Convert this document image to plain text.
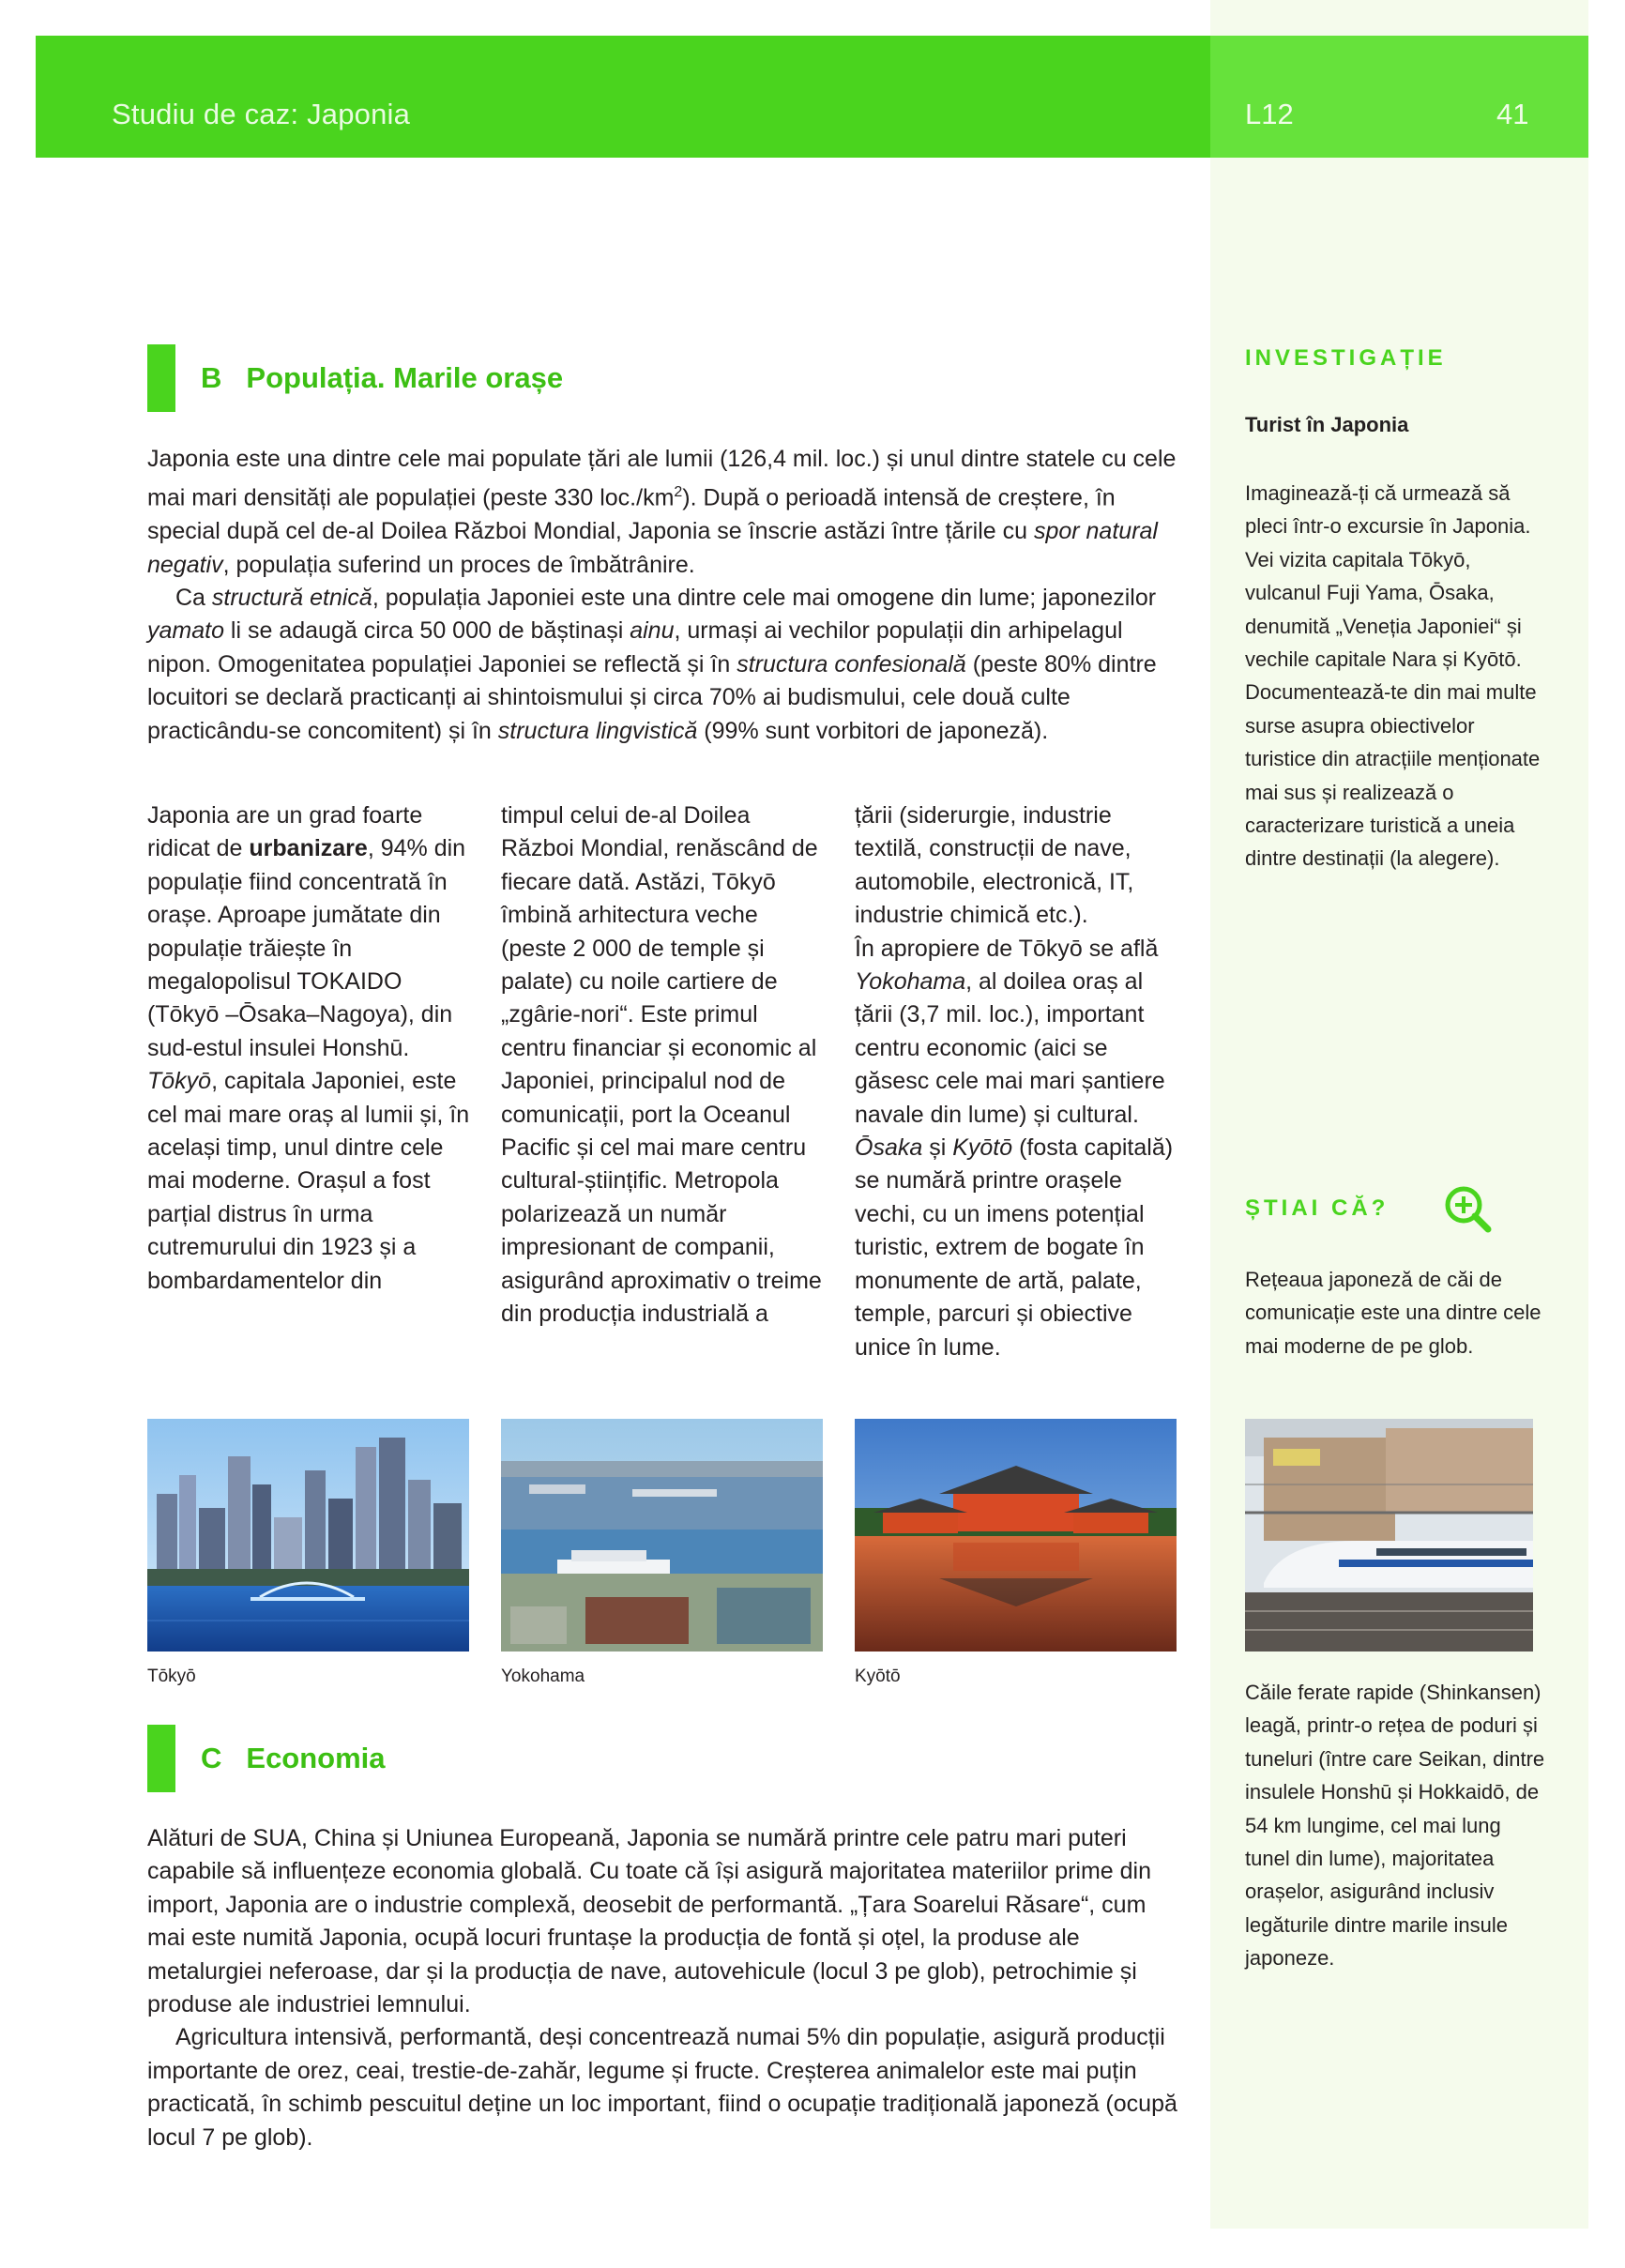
Studiu de caz: Japonia	L12	41
B Populația. Marile orașe

Japonia este una dintre cele mai populate țări ale lumii (126,4 mil. loc.) și unul dintre statele cu cele mai mari densități ale populației (peste 330 $loc./km^2$). După o perioadă intensă de creștere, în special după cel de-al Doilea Război Mondial, Japonia se înscrie astăzi între țările cu spor natural negativ, populația suferind un proces de îmbătrânire.

Ca structură etnică, populația Japoniei este una dintre cele mai omogene din lume; japonezilor yamato li se adaugă circa 50 000 de băștinași ainu, urmași ai vechilor populații din arhipelagul nipon. Omogenitatea populației Japoniei se reflectă și în structura confesională (peste 80% dintre locuitori se declară practicanți ai shintoismului și circa 70% ai budismului, cele două culte practicându-se concomitent) și în structura lingvistică (99% sunt vorbitori de japoneză).

Japonia are un grad foarte ridicat de urbanizare, 94% din populație fiind concentrată în orașe. Aproape jumătate din populație trăiește în megalopolisul TOKAIDO (Tōkyō –Ōsaka–Nagoya), din sud-estul insulei Honshū.
Tōkyō, capitala Japoniei, este cel mai mare oraș al lumii și, în același timp, unul dintre cele mai moderne. Orașul a fost parțial distrus în urma cutremurului din 1923 și a bombardamentelor din
timpul celui de-al Doilea Război Mondial, renăscând de fiecare dată. Astăzi, Tōkyō îmbină arhitectura veche (peste 2 000 de temple și palate) cu noile cartiere de „zgârie-nori“. Este primul centru financiar și economic al Japoniei, principalul nod de comunicații, port la Oceanul Pacific și cel mai mare centru cultural-științific. Metropola polarizează un număr impresionant de companii, asigurând aproximativ o treime din producția industrială a
țării (siderurgie, industrie textilă, construcții de nave, automobile, electronică, IT, industrie chimică etc.).
În apropiere de Tōkyō se află Yokohama, al doilea oraș al țării (3,7 mil. loc.), important centru economic (aici se găsesc cele mai mari șantiere navale din lume) și cultural.
Ōsaka și Kyōtō (fosta capitală) se numără printre orașele vechi, cu un imens potențial turistic, extrem de bogate în monumente de artă, palate, temple, parcuri și obiective unice în lume.
Tōkyō	Yokohama	Kyōtō
C Economia

Alături de SUA, China și Uniunea Europeană, Japonia se numără printre cele patru mari puteri capabile să influențeze economia globală. Cu toate că își asigură majoritatea materiilor prime din import, Japonia are o industrie complexă, deosebit de performantă. „Țara Soarelui Răsare“, cum mai este numită Japonia, ocupă locuri fruntașe la producția de fontă și oțel, la produse ale metalurgiei neferoase, dar și la producția de nave, autovehicule (locul 3 pe glob), petrochimie și produse ale industriei lemnului.

Agricultura intensivă, performantă, deși concentrează numai 5% din populație, asigură producții importante de orez, ceai, trestie-de-zahăr, legume și fructe. Creșterea animalelor este mai puțin practicată, în schimb pescuitul deține un loc important, fiind o ocupație tradițională japoneză (ocupă locul 7 pe glob).

INVESTIGAȚIE
Turist în Japonia
Imaginează-ți că urmează să pleci într-o excursie în Japonia. Vei vizita capitala Tōkyō, vulcanul Fuji Yama, Ōsaka, denumită „Veneția Japoniei“ și vechile capitale Nara și Kyōtō. Documentează-te din mai multe surse asupra obiectivelor turistice din atracțiile menționate mai sus și realizează o caracterizare turistică a uneia dintre destinații (la alegere).
ȘTIAI CĂ?
Rețeaua japoneză de căi de comunicație este una dintre cele mai moderne de pe glob.
Căile ferate rapide (Shinkansen) leagă, printr-o rețea de poduri și tuneluri (între care Seikan, dintre insulele Honshū și Hokkaidō, de 54 km lungime, cel mai lung tunel din lume), majoritatea orașelor, asigurând inclusiv legăturile dintre marile insule japoneze.
